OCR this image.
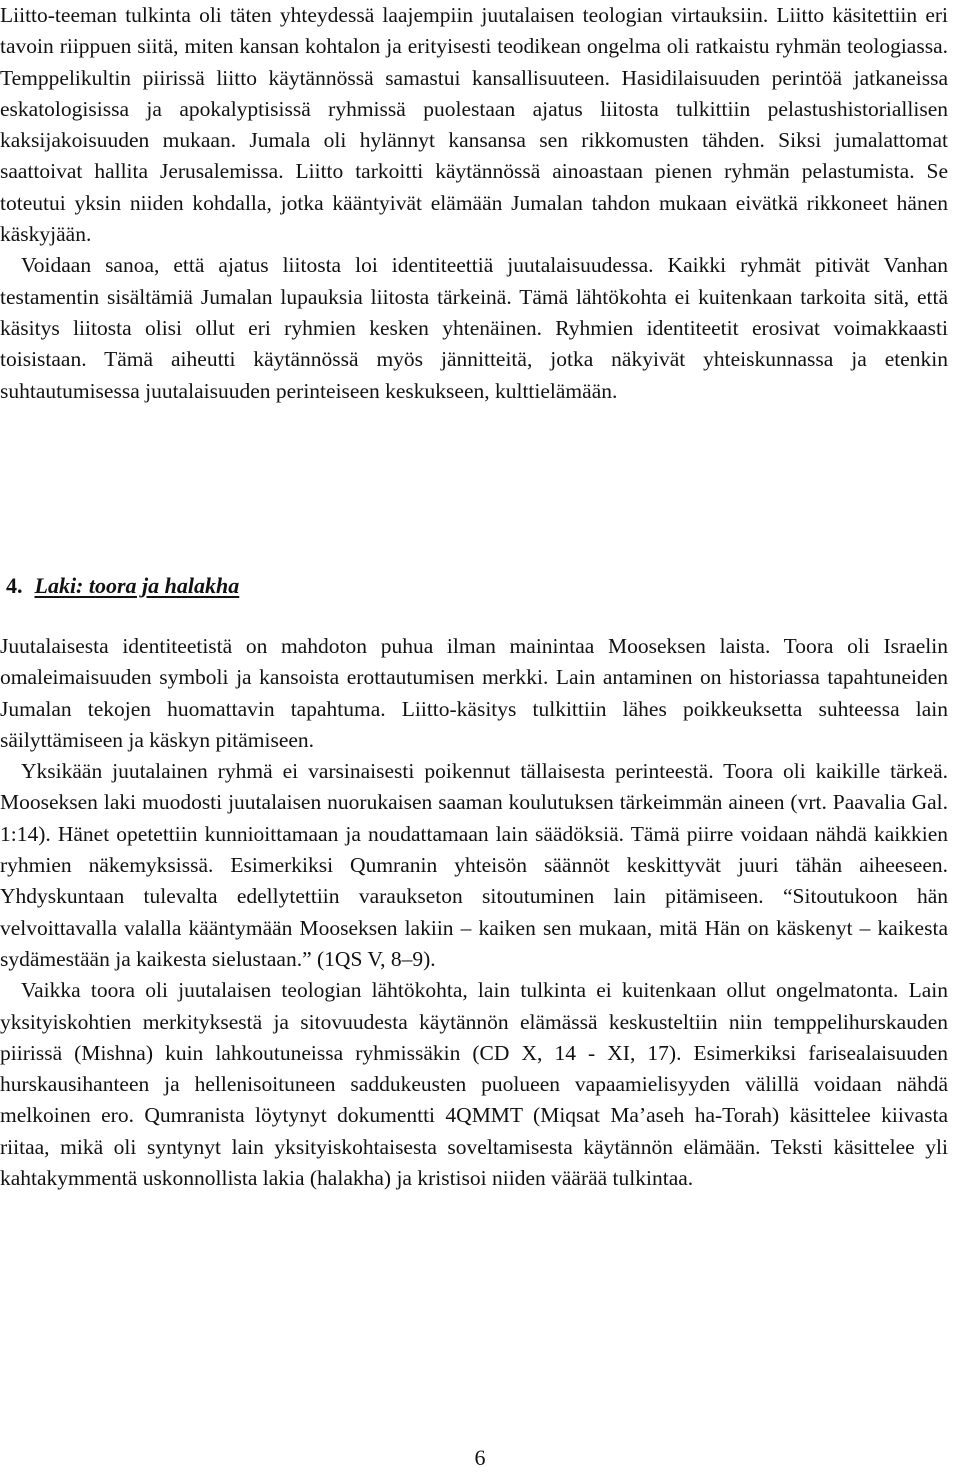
Liitto-teeman tulkinta oli täten yhteydessä laajempiin juutalaisen teologian virtauksiin. Liitto käsitettiin eri tavoin riippuen siitä, miten kansan kohtalon ja erityisesti teodikean ongelma oli ratkaistu ryhmän teologiassa. Temppelikultin piirissä liitto käytännössä samastui kansallisuuteen. Hasidilaisuuden perintöä jatkaneissa eskatologisissa ja apokalyptisissä ryhmissä puolestaan ajatus liitosta tulkittiin pelastushistoriallisen kaksijakoisuuden mukaan. Jumala oli hylännyt kansansa sen rikkomusten tähden. Siksi jumalattomat saattoivat hallita Jerusalemissa. Liitto tarkoitti käytännössä ainoastaan pienen ryhmän pelastumista. Se toteutui yksin niiden kohdalla, jotka kääntyivät elämään Jumalan tahdon mukaan eivätkä rikkoneet hänen käskyjään.

Voidaan sanoa, että ajatus liitosta loi identiteettiä juutalaisuudessa. Kaikki ryhmät pitivät Vanhan testamentin sisältämiä Jumalan lupauksia liitosta tärkeinä. Tämä lähtökohta ei kuitenkaan tarkoita sitä, että käsitys liitosta olisi ollut eri ryhmien kesken yhtenäinen. Ryhmien identiteetit erosivat voimakkaasti toisistaan. Tämä aiheutti käytännössä myös jännitteitä, jotka näkyivät yhteiskunnassa ja etenkin suhtautumisessa juutalaisuuden perinteiseen keskukseen, kulttielämään.

4. Laki: toora ja halakha

Juutalaisesta identiteetistä on mahdoton puhua ilman mainintaa Mooseksen laista. Toora oli Israelin omaleimaisuuden symboli ja kansoista erottautumisen merkki. Lain antaminen on historiassa tapahtuneiden Jumalan tekojen huomattavin tapahtuma. Liitto-käsitys tulkittiin lähes poikkeuksetta suhteessa lain säilyttämiseen ja käskyn pitämiseen.

Yksikään juutalainen ryhmä ei varsinaisesti poikennut tällaisesta perinteestä. Toora oli kaikille tärkeä. Mooseksen laki muodosti juutalaisen nuorukaisen saaman koulutuksen tärkeimmän aineen (vrt. Paavalia Gal. 1:14). Hänet opetettiin kunnioittamaan ja noudattamaan lain säädöksiä. Tämä piirre voidaan nähdä kaikkien ryhmien näkemyksissä. Esimerkiksi Qumranin yhteisön säännöt keskittyvät juuri tähän aiheeseen. Yhdyskuntaan tulevalta edellytettiin varaukseton sitoutuminen lain pitämiseen. “Sitoutukoon hän velvoittavalla valalla kääntymään Mooseksen lakiin – kaiken sen mukaan, mitä Hän on käskenyt – kaikesta sydämestään ja kaikesta sielustaan.” (1QS V, 8–9).

Vaikka toora oli juutalaisen teologian lähtökohta, lain tulkinta ei kuitenkaan ollut ongelmatonta. Lain yksityiskohtien merkityksestä ja sitovuudesta käytännön elämässä keskusteltiin niin temppelihurskauden piirissä (Mishna) kuin lahkoutuneissa ryhmissäkin (CD X, 14 - XI, 17). Esimerkiksi farisealaisuuden hurskausihanteen ja hellenisoituneen saddukeusten puolueen vapaamielisyyden välillä voidaan nähdä melkoinen ero. Qumranista löytynyt dokumentti 4QMMT (Miqsat Ma’aseh ha-Torah) käsittelee kiivasta riitaa, mikä oli syntynyt lain yksityiskohtaisesta soveltamisesta käytännön elämään. Teksti käsittelee yli kahtakymmentä uskonnollista lakia (halakha) ja kristisoi niiden väärää tulkintaa.

6
